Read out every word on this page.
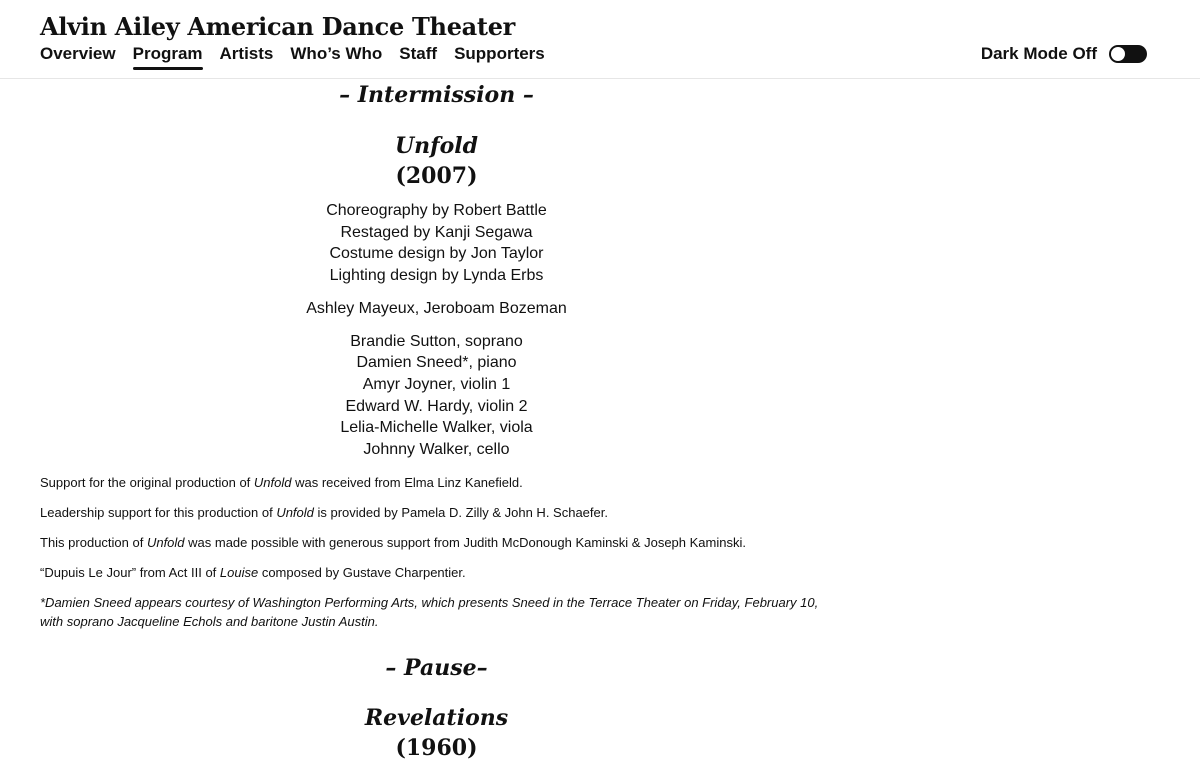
Alvin Ailey American Dance Theater
Overview Program Artists Who’s Who Staff Supporters	Dark Mode Off
– Intermission –
Unfold
(2007)
Choreography by Robert Battle
Restaged by Kanji Segawa
Costume design by Jon Taylor
Lighting design by Lynda Erbs
Ashley Mayeux, Jeroboam Bozeman
Brandie Sutton, soprano
Damien Sneed*, piano
Amyr Joyner, violin 1
Edward W. Hardy, violin 2
Lelia-Michelle Walker, viola
Johnny Walker, cello

Support for the original production of Unfold was received from Elma Linz Kanefield.

Leadership support for this production of Unfold is provided by Pamela D. Zilly & John H. Schaefer.

This production of Unfold was made possible with generous support from Judith McDonough Kaminski & Joseph Kaminski.

“Dupuis Le Jour” from Act III of Louise composed by Gustave Charpentier.

*Damien Sneed appears courtesy of Washington Performing Arts, which presents Sneed in the Terrace Theater on Friday, February 10, with soprano Jacqueline Echols and baritone Justin Austin.

– Pause–
Revelations
(1960)
